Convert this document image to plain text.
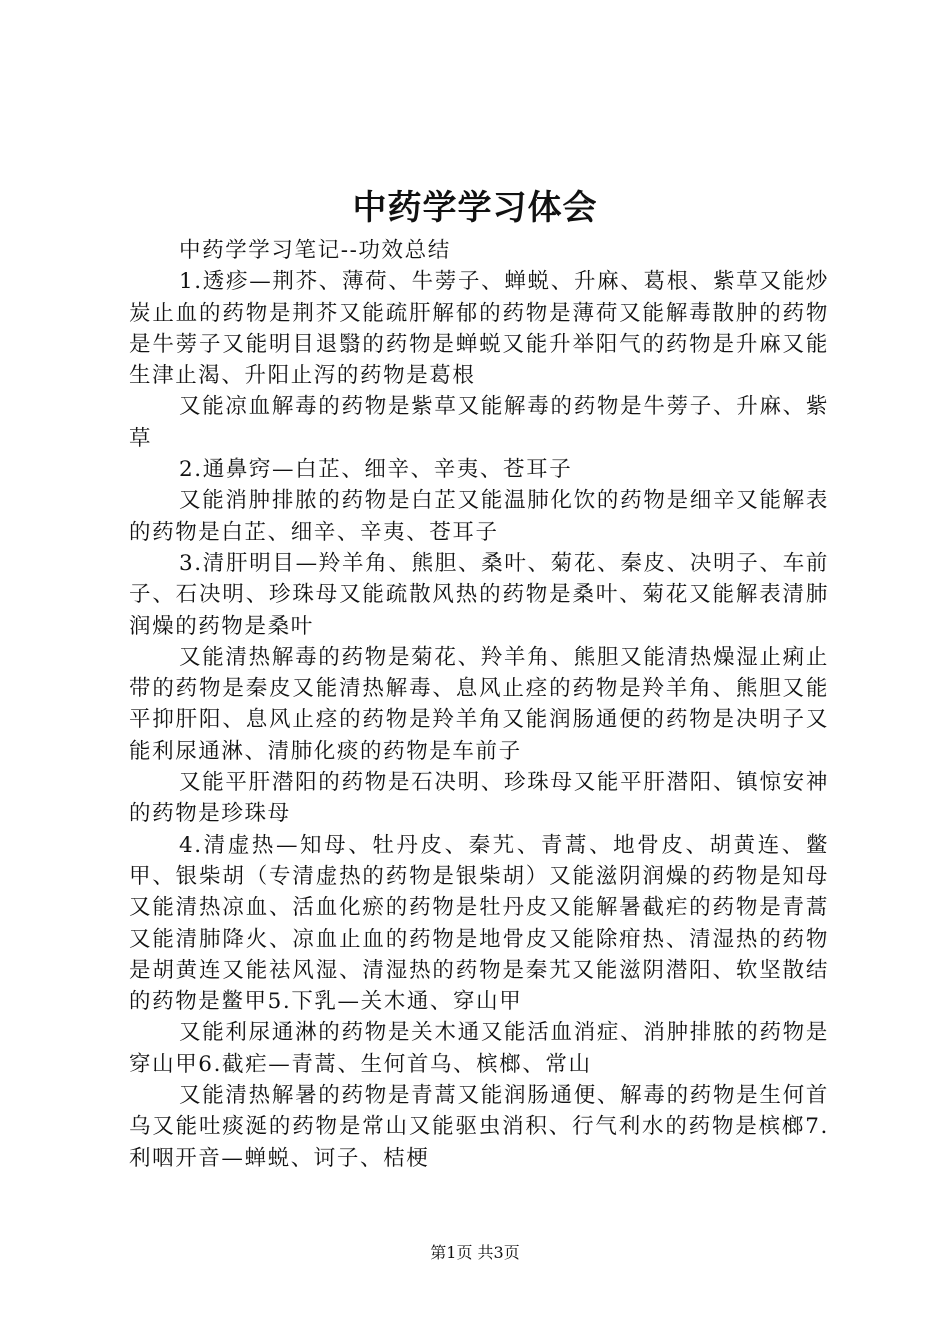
中药学学习体会

中药学学习笔记--功效总结

1.透疹—荆芥、薄荷、牛蒡子、蝉蜕、升麻、葛根、紫草又能炒炭止血的药物是荆芥又能疏肝解郁的药物是薄荷又能解毒散肿的药物是牛蒡子又能明目退翳的药物是蝉蜕又能升举阳气的药物是升麻又能生津止渴、升阳止泻的药物是葛根

又能凉血解毒的药物是紫草又能解毒的药物是牛蒡子、升麻、紫草

2.通鼻窍—白芷、细辛、辛夷、苍耳子

又能消肿排脓的药物是白芷又能温肺化饮的药物是细辛又能解表的药物是白芷、细辛、辛夷、苍耳子

3.清肝明目—羚羊角、熊胆、桑叶、菊花、秦皮、决明子、车前子、石决明、珍珠母又能疏散风热的药物是桑叶、菊花又能解表清肺润燥的药物是桑叶

又能清热解毒的药物是菊花、羚羊角、熊胆又能清热燥湿止痢止带的药物是秦皮又能清热解毒、息风止痉的药物是羚羊角、熊胆又能平抑肝阳、息风止痉的药物是羚羊角又能润肠通便的药物是决明子又能利尿通淋、清肺化痰的药物是车前子

又能平肝潜阳的药物是石决明、珍珠母又能平肝潜阳、镇惊安神的药物是珍珠母

4.清虚热—知母、牡丹皮、秦艽、青蒿、地骨皮、胡黄连、鳖甲、银柴胡（专清虚热的药物是银柴胡）又能滋阴润燥的药物是知母又能清热凉血、活血化瘀的药物是牡丹皮又能解暑截疟的药物是青蒿又能清肺降火、凉血止血的药物是地骨皮又能除疳热、清湿热的药物是胡黄连又能祛风湿、清湿热的药物是秦艽又能滋阴潜阳、软坚散结的药物是鳖甲5.下乳—关木通、穿山甲

又能利尿通淋的药物是关木通又能活血消症、消肿排脓的药物是穿山甲6.截疟—青蒿、生何首乌、槟榔、常山

又能清热解暑的药物是青蒿又能润肠通便、解毒的药物是生何首乌又能吐痰涎的药物是常山又能驱虫消积、行气利水的药物是槟榔7.利咽开音—蝉蜕、诃子、桔梗

第1页 共3页
